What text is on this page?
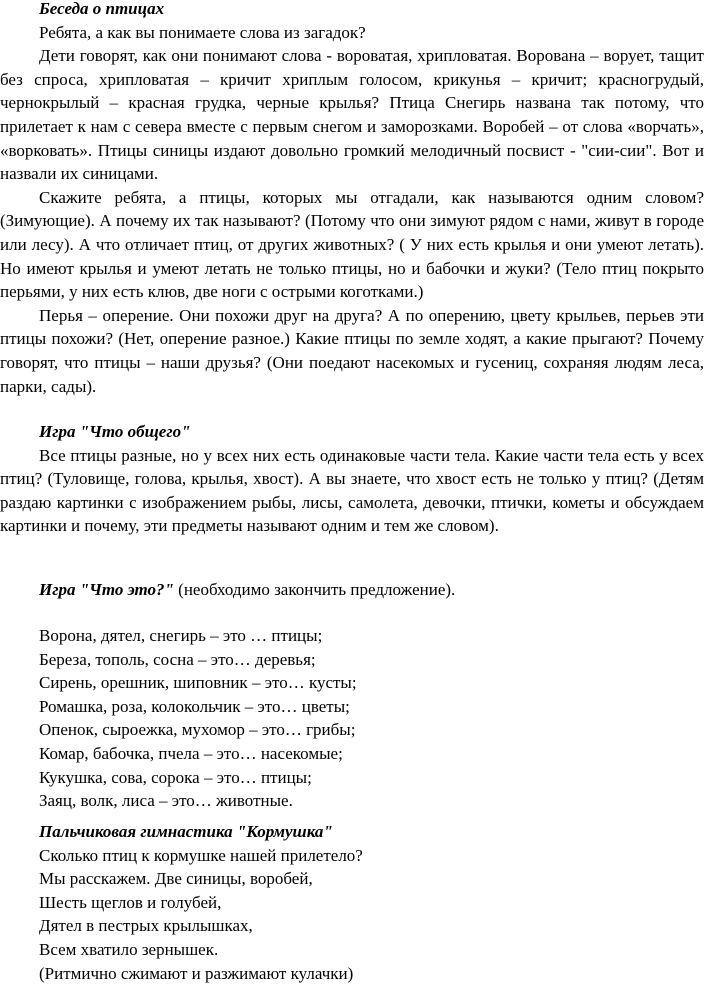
Беседа о птицах

Ребята, а как вы понимаете слова из загадок?

Дети говорят, как они понимают слова - вороватая, хрипловатая. Ворована – ворует, тащит без спроса, хрипловатая – кричит хриплым голосом, крикунья – кричит; красногрудый, чернокрылый – красная грудка, черные крылья? Птица Снегирь названа так потому, что прилетает к нам с севера вместе с первым снегом и заморозками. Воробей – от слова «ворчать», «ворковать». Птицы синицы издают довольно громкий мелодичный посвист - "сии-сии". Вот и назвали их синицами.

Скажите ребята, а птицы, которых мы отгадали, как называются одним словом? (Зимующие). А почему их так называют? (Потому что они зимуют рядом с нами, живут в городе или лесу). А что отличает птиц, от других животных? ( У них есть крылья и они умеют летать). Но имеют крылья и умеют летать не только птицы, но и бабочки и жуки? (Тело птиц покрыто перьями, у них есть клюв, две ноги с острыми коготками.)

Перья – оперение. Они похожи друг на друга? А по оперению, цвету крыльев, перьев эти птицы похожи? (Нет, оперение разное.) Какие птицы по земле ходят, а какие прыгают? Почему говорят, что птицы – наши друзья? (Они поедают насекомых и гусениц, сохраняя людям леса, парки, сады).

Игра "Что общего"

Все птицы разные, но у всех них есть одинаковые части тела. Какие части тела есть у всех птиц? (Туловище, голова, крылья, хвост). А вы знаете, что хвост есть не только у птиц? (Детям раздаю картинки с изображением рыбы, лисы, самолета, девочки, птички, кометы и обсуждаем картинки и почему, эти предметы называют одним и тем же словом).

Игра "Что это?" (необходимо закончить предложение).
Ворона, дятел, снегирь – это … птицы;
Береза, тополь, сосна – это… деревья;
Сирень, орешник, шиповник – это… кусты;
Ромашка, роза, колокольчик – это… цветы;
Опенок, сыроежка, мухомор – это… грибы;
Комар, бабочка, пчела – это… насекомые;
Кукушка, сова, сорока – это… птицы;
Заяц, волк, лиса – это… животные.
Пальчиковая гимнастика "Кормушка"
Сколько птиц к кормушке нашей прилетело?
Мы расскажем. Две синицы, воробей,
Шесть щеглов и голубей,
Дятел в пестрых крылышках,
Всем хватило зернышек.
(Ритмично сжимают и разжимают кулачки)
